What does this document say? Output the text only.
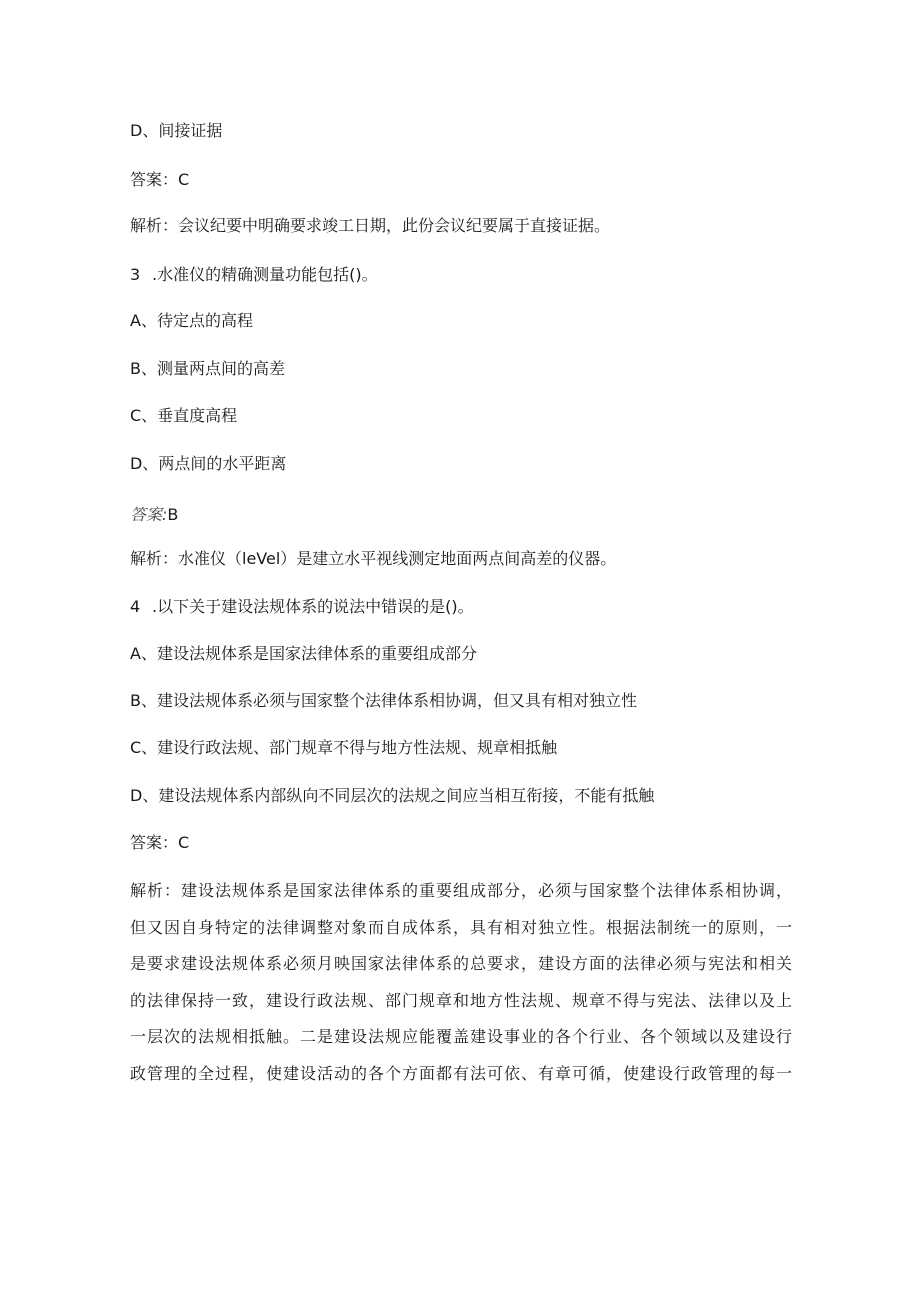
D、间接证据
答案：C
解析：会议纪要中明确要求竣工日期，此份会议纪要属于直接证据。
3 .水准仪的精确测量功能包括()。
A、待定点的高程
B、测量两点间的高差
C、垂直度高程
D、两点间的水平距离
答案:B
解析：水准仪（leVel）是建立水平视线测定地面两点间高差的仪器。
4 .以下关于建设法规体系的说法中错误的是()。
A、建设法规体系是国家法律体系的重要组成部分
B、建设法规体系必须与国家整个法律体系相协调，但又具有相对独立性
C、建设行政法规、部门规章不得与地方性法规、规章相抵触
D、建设法规体系内部纵向不同层次的法规之间应当相互衔接，不能有抵触
答案：C
解析：建设法规体系是国家法律体系的重要组成部分，必须与国家整个法律体系相协调，
但又因自身特定的法律调整对象而自成体系，具有相对独立性。根据法制统一的原则，一
是要求建设法规体系必须月映国家法律体系的总要求，建设方面的法律必须与宪法和相关
的法律保持一致，建设行政法规、部门规章和地方性法规、规章不得与宪法、法律以及上
一层次的法规相抵触。二是建设法规应能覆盖建设事业的各个行业、各个领域以及建设行
政管理的全过程，使建设活动的各个方面都有法可依、有章可循，使建设行政管理的每一
